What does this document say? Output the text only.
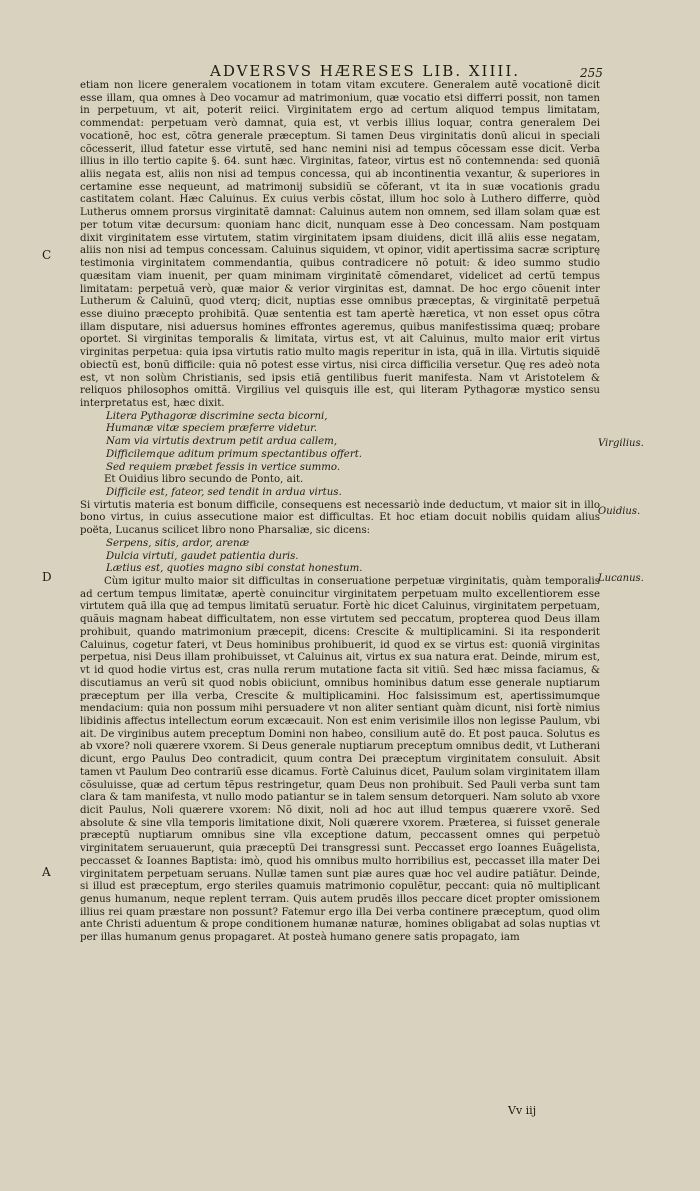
ADVERSVS HÆRESES LIB. XIIII.	255

etiam non licere generalem vocationem in totam vitam excutere. Generalem autẽ vocationẽ dicit esse illam, qua omnes à Deo vocamur ad matrimonium, quæ vocatio etsi differri possit, non tamen in perpetuum, vt ait, poterit reiici. Virginitatem ergo ad certum aliquod tempus limitatam, commendat: perpetuam verò damnat, quia est, vt verbis illius loquar, contra generalem Dei vocationẽ, hoc est, cõtra generale præceptum. Si tamen Deus virginitatis donũ alicui in speciali cõcesserit, illud fatetur esse virtutẽ, sed hanc nemini nisi ad tempus cõcessam esse dicit. Verba illius in illo tertio capite §. 64. sunt hæc. Virginitas, fateor, virtus est nõ contemnenda: sed quoniã aliis negata est, aliis non nisi ad tempus concessa, qui ab incontinentia vexantur, & superiores in certamine esse nequeunt, ad matrimonij subsidiũ se cõferant, vt ita in suæ vocationis gradu castitatem colant. Hæc Caluinus. Ex cuius verbis cõstat, illum hoc solo à Luthero differre, quòd Lutherus omnem prorsus virginitatẽ damnat: Caluinus autem non omnem, sed illam solam quæ est per totum vitæ decursum: quoniam hanc dicit, nunquam esse à Deo concessam. Nam postquam dixit virginitatem esse virtutem, statim virginitatem ipsam diuidens, dicit illã aliis esse negatam, aliis non nisi ad tempus concessam. Caluinus siquidem, vt opinor, vidit apertissima sacræ scripturę testimonia virginitatem commendantia, quibus contradicere nõ potuit: & ideo summo studio quæsitam viam inuenit, per quam minimam virginitatẽ cõmendaret, videlicet ad certũ tempus limitatam: perpetuã verò, quæ maior & verior virginitas est, damnat. De hoc ergo cõuenit inter Lutherum & Caluinũ, quod vterq; dicit, nuptias esse omnibus præceptas, & virginitatẽ perpetuã esse diuino præcepto prohibitã. Quæ sententia est tam apertè hæretica, vt non esset opus cõtra illam disputare, nisi aduersus homines effrontes ageremus, quibus manifestissima quæq; probare oportet. Si virginitas temporalis & limitata, virtus est, vt ait Caluinus, multo maior erit virtus virginitas perpetua: quia ipsa virtutis ratio multo magis reperitur in ista, quã in illa. Virtutis siquidẽ obiectũ est, bonũ difficile: quia nõ potest esse virtus, nisi circa difficilia versetur. Quę res adeò nota est, vt non solùm Christianis, sed ipsis etiã gentilibus fuerit manifesta. Nam vt Aristotelem & reliquos philosophos omittã. Virgilius vel quisquis ille est, qui literam Pythagoræ mystico sensu interpretatus est, hæc dixit.

Litera Pythagoræ discrimine secta bicorni,

Humanæ vitæ speciem præferre videtur.

Nam via virtutis dextrum petit ardua callem,

Difficilemque aditum primum spectantibus offert.

Sed requiem præbet fessis in vertice summo.

Et Ouidius libro secundo de Ponto, ait.

Difficile est, fateor, sed tendit in ardua virtus.

Si virtutis materia est bonum difficile, consequens est necessariò inde deductum, vt maior sit in illo bono virtus, in cuius assecutione maior est difficultas. Et hoc etiam docuit nobilis quidam alius poëta, Lucanus scilicet libro nono Pharsaliæ, sic dicens:

Serpens, sitis, ardor, arenæ

Dulcia virtuti, gaudet patientia duris.

Lætius est, quoties magno sibi constat honestum.

Cùm igitur multo maior sit difficultas in conseruatione perpetuæ virginitatis, quàm temporalis ad certum tempus limitatæ, apertè conuincitur virginitatem perpetuam multo excellentiorem esse virtutem quã illa quę ad tempus limitatũ seruatur. Fortè hic dicet Caluinus, virginitatem perpetuam, quãuis magnam habeat difficultatem, non esse virtutem sed peccatum, propterea quod Deus illam prohibuit, quando matrimonium præcepit, dicens: Crescite & multiplicamini. Si ita responderit Caluinus, cogetur fateri, vt Deus hominibus prohibuerit, id quod ex se virtus est: quoniã virginitas perpetua, nisi Deus illam prohibuisset, vt Caluinus ait, virtus ex sua natura erat. Deinde, mirum est, vt id quod hodie virtus est, cras nulla rerum mutatione facta sit vitiũ. Sed hæc missa faciamus, & discutiamus an verũ sit quod nobis obiiciunt, omnibus hominibus datum esse generale nuptiarum præceptum per illa verba, Crescite & multiplicamini. Hoc falsissimum est, apertissimumque mendacium: quia non possum mihi persuadere vt non aliter sentiant quàm dicunt, nisi fortè nimius libidinis affectus intellectum eorum excæcauit. Non est enim verisimile illos non legisse Paulum, vbi ait. De virginibus autem preceptum Domini non habeo, consilium autẽ do. Et post pauca. Solutus es ab vxore? noli quærere vxorem. Si Deus generale nuptiarum preceptum omnibus dedit, vt Lutherani dicunt, ergo Paulus Deo contradicit, quum contra Dei præceptum virginitatem consuluit. Absit tamen vt Paulum Deo contrariũ esse dicamus. Fortè Caluinus dicet, Paulum solam virginitatem illam cõsuluisse, quæ ad certum tẽpus restringetur, quam Deus non prohibuit. Sed Pauli verba sunt tam clara & tam manifesta, vt nullo modo patiantur se in talem sensum detorqueri. Nam soluto ab vxore dicit Paulus, Noli quærere vxorem: Nõ dixit, noli ad hoc aut illud tempus quærere vxorẽ. Sed absolute & sine vlla temporis limitatione dixit, Noli quærere vxorem. Præterea, si fuisset generale præceptũ nuptiarum omnibus sine vlla exceptione datum, peccassent omnes qui perpetuò virginitatem seruauerunt, quia præceptũ Dei transgressi sunt. Peccasset ergo Ioannes Euãgelista, peccasset & Ioannes Baptista: imò, quod his omnibus multo horribilius est, peccasset illa mater Dei virginitatem perpetuam seruans. Nullæ tamen sunt piæ aures quæ hoc vel audire patiãtur. Deinde, si illud est præceptum, ergo steriles quamuis matrimonio copulẽtur, peccant: quia nõ multiplicant genus humanum, neque replent terram. Quis autem prudẽs illos peccare dicet propter omissionem illius rei quam præstare non possunt? Fatemur ergo illa Dei verba continere præceptum, quod olim ante Christi aduentum & prope conditionem humanæ naturæ, homines obligabat ad solas nuptias vt per illas humanum genus propagaret. At posteà humano genere satis propagato, iam

C
D
A
Virgilius.
Ouidius.
Lucanus.
Vv iij
